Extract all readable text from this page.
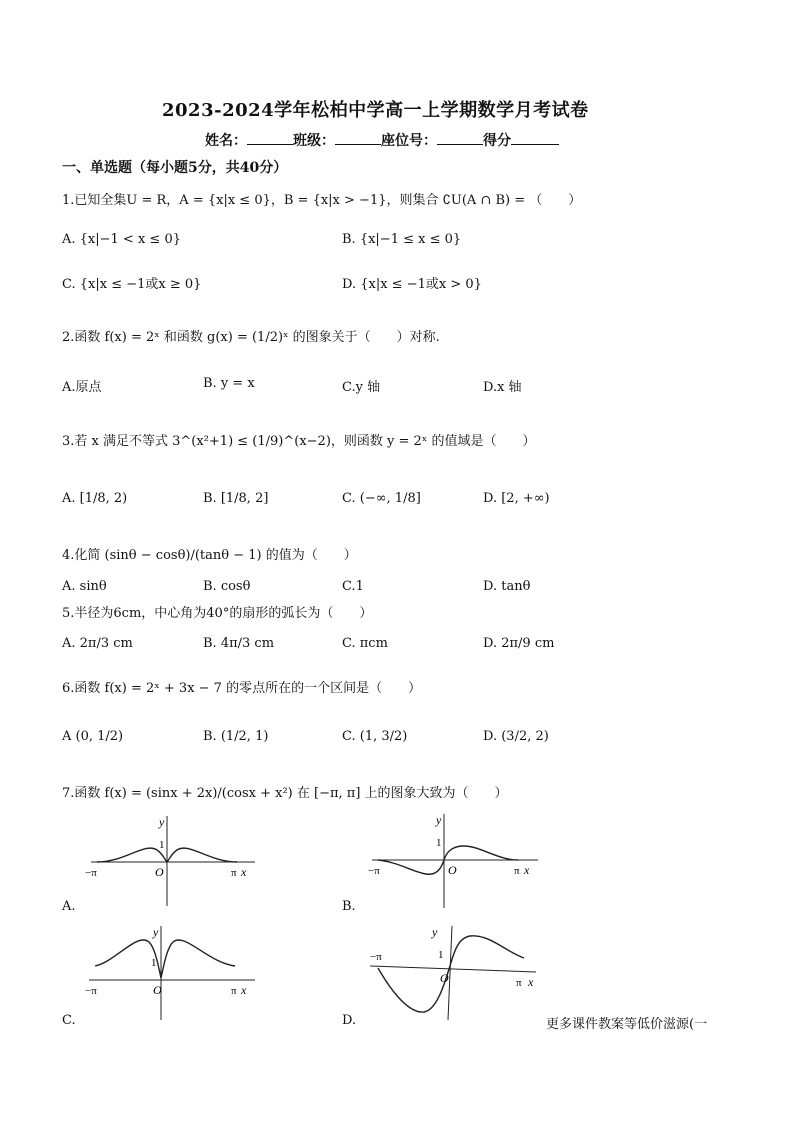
2023-2024学年松柏中学高一上学期数学月考试卷
姓名：	班级：	座位号：	得分
一、单选题（每小题5分，共40分）
1.已知全集U = R，A = {x|x ≤ 0}，B = {x|x > −1}，则集合 ∁U(A ∩ B) = （　　）
A. {x|−1 < x ≤ 0}	B. {x|−1 ≤ x ≤ 0}
C. {x|x ≤ −1或x ≥ 0}	D. {x|x ≤ −1或x > 0}
2.函数 f(x) = 2ˣ 和函数 g(x) = (1/2)ˣ 的图象关于（　　）对称.
A.原点	B. y = x	C.y 轴	D.x 轴
3.若 x 满足不等式 3^(x²+1) ≤ (1/9)^(x−2)，则函数 y = 2ˣ 的值域是（　　）
A. [1/8, 2)	B. [1/8, 2]	C. (−∞, 1/8]	D. [2, +∞)
4.化简 (sinθ − cosθ)/(tanθ − 1) 的值为（　　）
A. sinθ	B. cosθ	C.1	D. tanθ
5.半径为6cm，中心角为40°的扇形的弧长为（　　）
A. 2π/3 cm	B. 4π/3 cm	C. πcm	D. 2π/9 cm
6.函数 f(x) = 2ˣ + 3x − 7 的零点所在的一个区间是（　　）
A (0, 1/2)	B. (1/2, 1)	C. (1, 3/2)	D. (3/2, 2)
7.函数 f(x) = (sinx + 2x)/(cosx + x²) 在 [−π, π] 上的图象大致为（　　）
y
1
O
−π	π x
A.
y
1
O
−π	π x
B.
y
1
O
−π	π x
C.
y
1
O
−π
π x
D.	更多课件教案等低价滋源(一
